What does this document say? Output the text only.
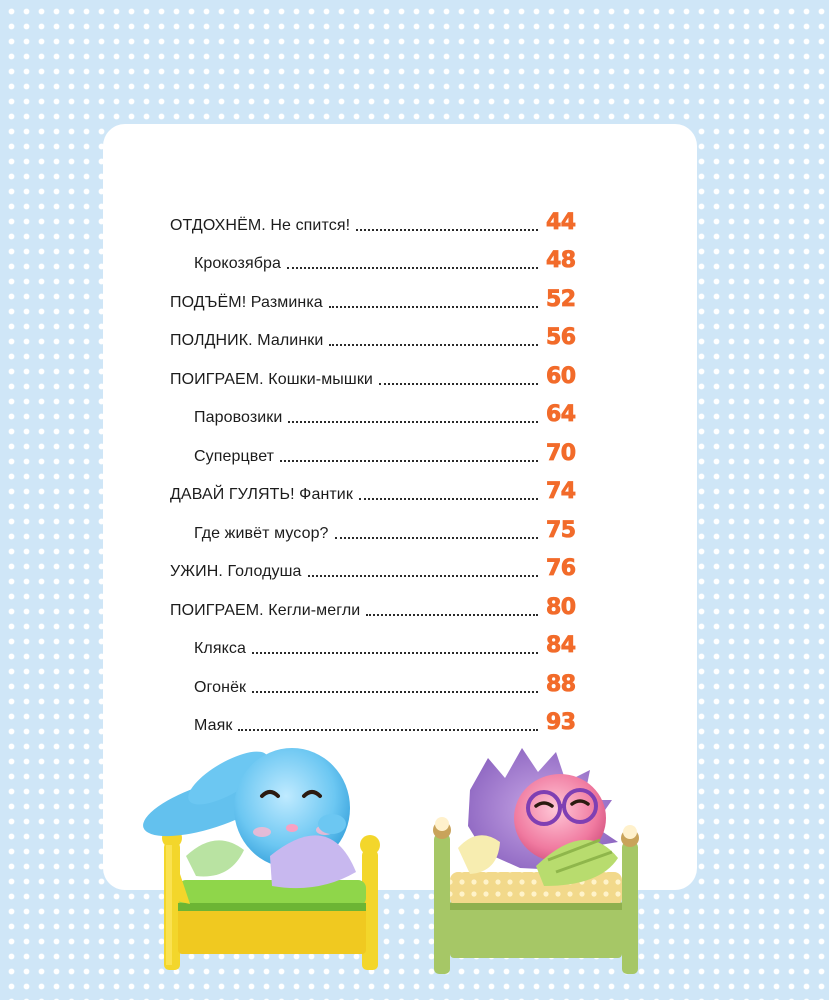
ОТДОХНЁМ. Не спится!	44
Крокозябра	48
ПОДЪЁМ! Разминка	52
ПОЛДНИК. Малинки	56
ПОИГРАЕМ. Кошки-мышки	60
Паровозики	64
Суперцвет	70
ДАВАЙ ГУЛЯТЬ! Фантик	74
Где живёт мусор?	75
УЖИН. Голодуша	76
ПОИГРАЕМ. Кегли-мегли	80
Клякса	84
Огонёк	88
Маяк	93
